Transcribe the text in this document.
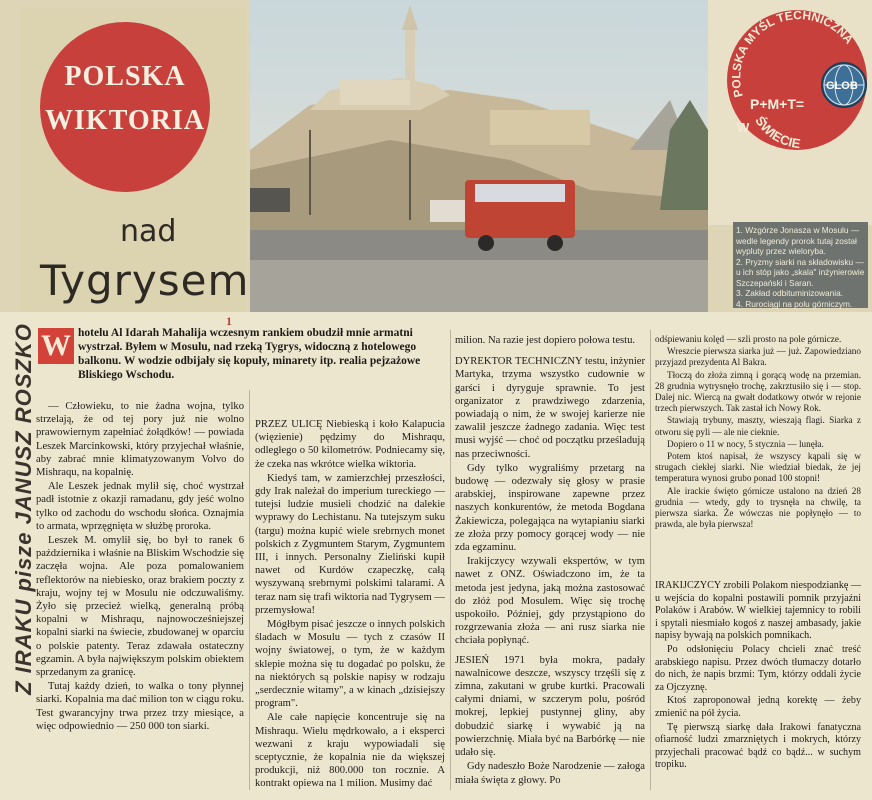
POLSKA
WIKTORIA
nad
Tygrysem
Z IRAKU pisze JANUSZ ROSZKO
POLSKA MYŚL TECHNICZNA
ŚWIECIE
W
P+M+T=
GLOB
1. Wzgórze Jonasza w Mosulu — wedle legendy prorok tutaj został wypluty przez wieloryba.
2. Pryzmy siarki na składowisku — u ich stóp jako „skala" inżynierowie Szczepański i Saran.
3. Zakład odbituminizowania.
4. Rurociągi na polu górniczym.
1
W hotelu Al Idarah Mahalija wczesnym rankiem obudził mnie armatni wystrzał. Byłem w Mosulu, nad rzeką Tygrys, widoczną z hotelowego balkonu. W wodzie odbijały się kopuły, minarety itp. realia pejzażowe Bliskiego Wschodu.

— Człowieku, to nie żadna wojna, tylko strzelają, że od tej pory już nie wolno prawowiernym zapełniać żołądków! — powiada Leszek Marcinkowski, który przyjechał właśnie, aby zabrać mnie klimatyzowanym Volvo do Mishraqu, na kopalnię.

Ale Leszek jednak mylił się, choć wystrzał padł istotnie z okazji ramadanu, gdy jeść wolno tylko od zachodu do wschodu słońca. Oznajmia to armata, wprzęgnięta w służbę proroka.

Leszek M. omylił się, bo był to ranek 6 października i właśnie na Bliskim Wschodzie się zaczęła wojna. Ale poza pomalowaniem reflektorów na niebiesko, oraz brakiem poczty z kraju, wojny tej w Mosulu nie odczuwaliśmy. Żyło się przecież wielką, generalną próbą kopalni w Mishraqu, najnowocześniejszej kopalni siarki na świecie, zbudowanej w oparciu o polskie patenty. Teraz zdawała ostateczny egzamin. A była największym polskim obiektem sprzedanym za granicę.

Tutaj każdy dzień, to walka o tony płynnej siarki. Kopalnia ma dać milion ton w ciągu roku. Test gwarancyjny trwa przez trzy miesiące, a więc odpowiednio — 250 000 ton siarki.

PRZEZ ULICĘ Niebieską i koło Kalapucia (więzienie) pędzimy do Mishraqu, odległego o 50 kilometrów. Podniecamy się, że czeka nas wkrótce wielka wiktoria.

Kiedyś tam, w zamierzchłej przeszłości, gdy Irak należał do imperium tureckiego — tutejsi ludzie musieli chodzić na dalekie wyprawy do Lechistanu. Na tutejszym suku (targu) można kupić wiele srebrnych monet polskich z Zygmuntem Starym, Zygmuntem III, i innych. Personalny Zieliński kupił nawet od Kurdów czapeczkę, całą wyszywaną srebrnymi polskimi talarami. A teraz nam się trafi wiktoria nad Tygrysem — przemysłowa!

Mógłbym pisać jeszcze o innych polskich śladach w Mosulu — tych z czasów II wojny światowej, o tym, że w każdym sklepie można się tu dogadać po polsku, że na niektórych są polskie napisy w rodzaju „serdecznie witamy", a w kinach „dzisiejszy program".

Ale całe napięcie koncentruje się na Mishraqu. Wielu mędrkowało, a i eksperci wezwani z kraju wypowiadali się sceptycznie, że kopalnia nie da większej produkcji, niż 800.000 ton rocznie. A kontrakt opiewa na 1 milion. Musimy dać

milion. Na razie jest dopiero połowa testu.

DYREKTOR TECHNICZNY testu, inżynier Martyka, trzyma wszystko cudownie w garści i dyryguje sprawnie. To jest organizator z prawdziwego zdarzenia, powiadają o nim, że w swojej karierze nie zawalił jeszcze żadnego zadania. Więc test musi wyjść — choć od początku prześladują nas przeciwności.

Gdy tylko wygraliśmy przetarg na budowę — odezwały się głosy w prasie arabskiej, inspirowane zapewne przez naszych konkurentów, że metoda Bogdana Żakiewicza, polegająca na wytapianiu siarki ze złoża przy pomocy gorącej wody — nie zda egzaminu.

Irakijczycy wzywali ekspertów, w tym nawet z ONZ. Oświadczono im, że ta metoda jest jedyna, jaką można zastosować do złóż pod Mosulem. Więc się trochę uspokoiło. Później, gdy przystąpiono do rozgrzewania złoża — ani rusz siarka nie chciała popłynąć.

JESIEŃ 1971 była mokra, padały nawalnicowe deszcze, wszyscy trzęśli się z zimna, zakutani w grube kurtki. Pracowali całymi dniami, w szczerym polu, pośród mokrej, lepkiej pustynnej gliny, aby dobudzić siarkę i wywabić ją na powierzchnię. Miała być na Barbórkę — nie udało się.

Gdy nadeszło Boże Narodzenie — załoga miała święta z głowy. Po

odśpiewaniu kolęd — szli prosto na pole górnicze.

Wreszcie pierwsza siarka już — już. Zapowiedziano przyjazd prezydenta Al Bakra.

Tłoczą do złoża zimną i gorącą wodę na przemian. 28 grudnia wytrysnęło trochę, zakrztusiło się i — stop. Dalej nic. Wiercą na gwałt dodatkowy otwór w rejonie trzech pierwszych. Tak zastał ich Nowy Rok.

Stawiają trybuny, maszty, wieszają flagi. Siarka z otworu się pyli — ale nie cieknie.

Dopiero o 11 w nocy, 5 stycznia — lunęła.

Potem ktoś napisał, że wszyscy kąpali się w strugach ciekłej siarki. Nie wiedział biedak, że jej temperatura wynosi grubo ponad 100 stopni!

Ale irackie święto górnicze ustalono na dzień 28 grudnia — wtedy, gdy to trysnęła na chwilę, ta pierwsza siarka. Że wówczas nie popłynęło — to prawda, ale była pierwsza!

IRAKIJCZYCY zrobili Polakom niespodziankę — u wejścia do kopalni postawili pomnik przyjaźni Polaków i Arabów. W wielkiej tajemnicy to robili i spytali niesmiało kogoś z naszej ambasady, jakie napisy bywają na polskich pomnikach.

Po odsłonięciu Polacy chcieli znać treść arabskiego napisu. Przez dwóch tłumaczy dotarło do nich, że napis brzmi: Tym, którzy oddali życie za Ojczyznę.

Ktoś zaproponował jedną korektę — żeby zmienić na pół życia.

Tę pierwszą siarkę dała Irakowi fanatyczna ofiarność ludzi zmarzniętych i mokrych, którzy przyjechali pracować bądź co bądź... w suchym tropiku.
